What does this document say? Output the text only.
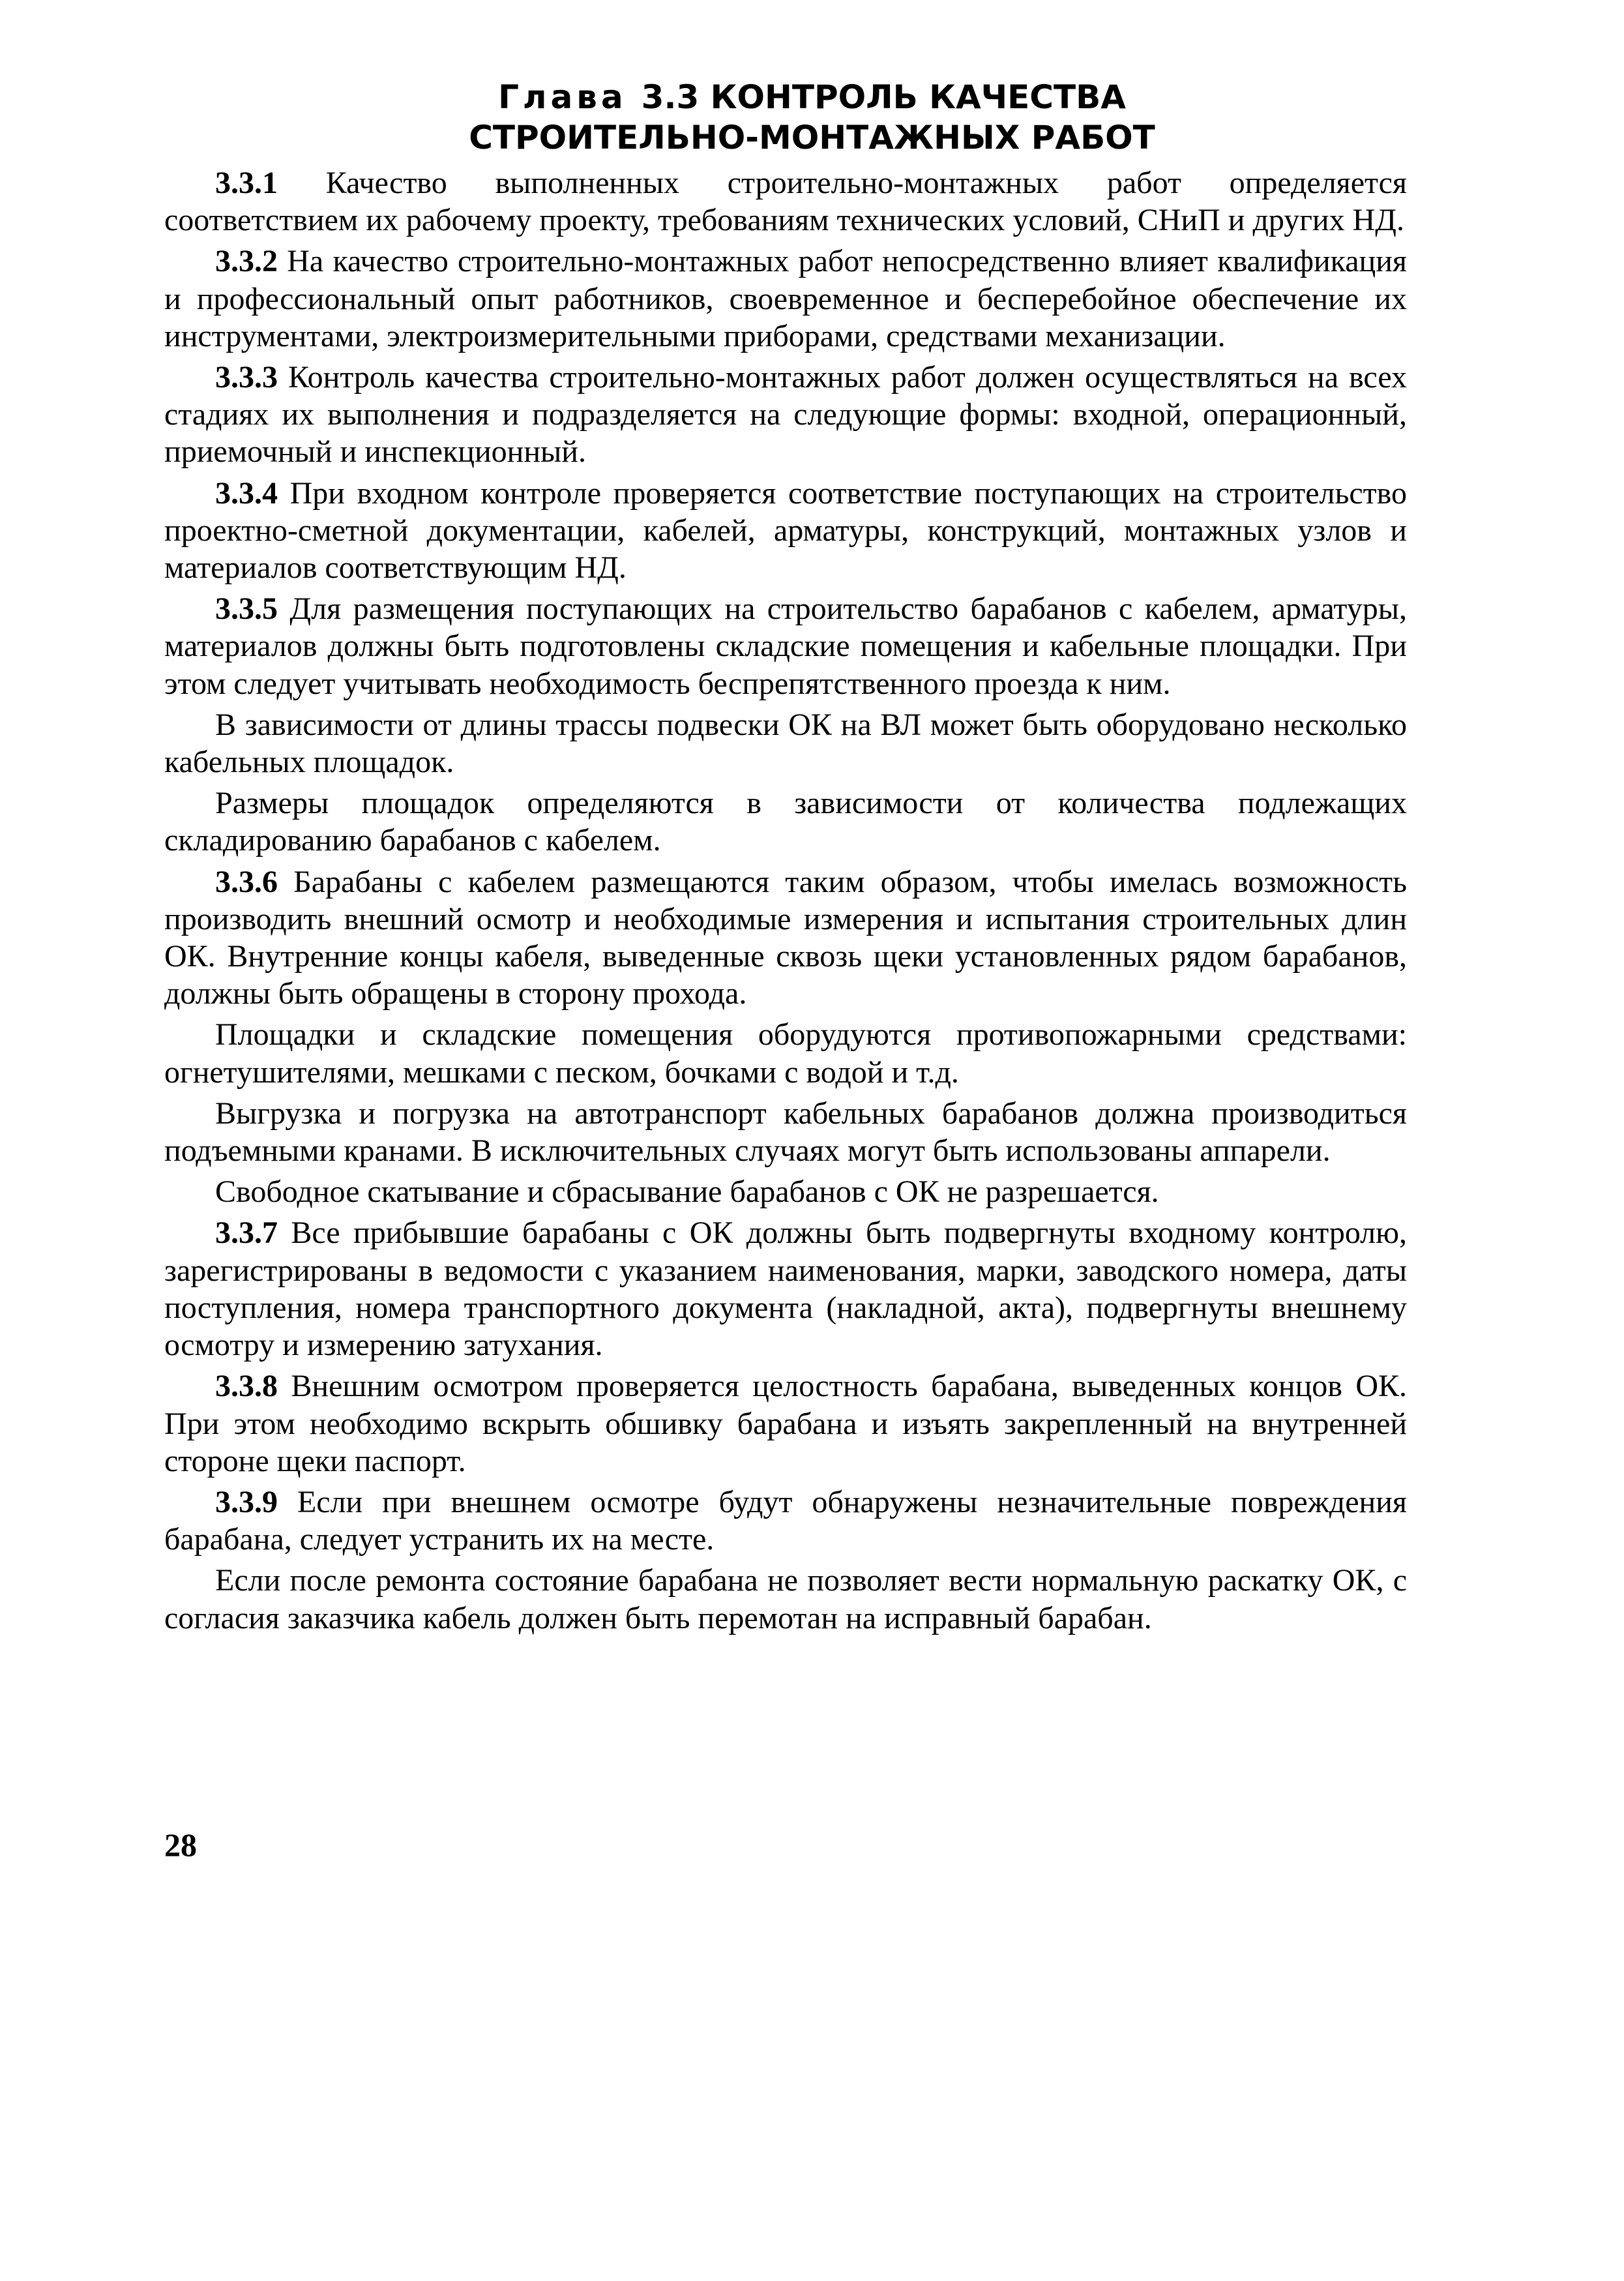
Глава 3.3 КОНТРОЛЬ КАЧЕСТВА
СТРОИТЕЛЬНО-МОНТАЖНЫХ РАБОТ

3.3.1 Качество выполненных строительно-монтажных работ определяется соответствием их рабочему проекту, требованиям технических условий, СНиП и других НД.

3.3.2 На качество строительно-монтажных работ непосредственно влияет квалификация и профессиональный опыт работников, своевременное и бесперебойное обеспечение их инструментами, электроизмерительными приборами, средствами механизации.

3.3.3 Контроль качества строительно-монтажных работ должен осуществляться на всех стадиях их выполнения и подразделяется на следующие формы: входной, операционный, приемочный и инспекционный.

3.3.4 При входном контроле проверяется соответствие поступающих на строительство проектно-сметной документации, кабелей, арматуры, конструкций, монтажных узлов и материалов соответствующим НД.

3.3.5 Для размещения поступающих на строительство барабанов с кабелем, арматуры, материалов должны быть подготовлены складские помещения и кабельные площадки. При этом следует учитывать необходимость беспрепятственного проезда к ним.

В зависимости от длины трассы подвески ОК на ВЛ может быть оборудовано несколько кабельных площадок.

Размеры площадок определяются в зависимости от количества подлежащих складированию барабанов с кабелем.

3.3.6 Барабаны с кабелем размещаются таким образом, чтобы имелась возможность производить внешний осмотр и необходимые измерения и испытания строительных длин ОК. Внутренние концы кабеля, выведенные сквозь щеки установленных рядом барабанов, должны быть обращены в сторону прохода.

Площадки и складские помещения оборудуются противопожарными средствами: огнетушителями, мешками с песком, бочками с водой и т.д.

Выгрузка и погрузка на автотранспорт кабельных барабанов должна производиться подъемными кранами. В исключительных случаях могут быть использованы аппарели.

Свободное скатывание и сбрасывание барабанов с ОК не разрешается.

3.3.7 Все прибывшие барабаны с ОК должны быть подвергнуты входному контролю, зарегистрированы в ведомости с указанием наименования, марки, заводского номера, даты поступления, номера транспортного документа (накладной, акта), подвергнуты внешнему осмотру и измерению затухания.

3.3.8 Внешним осмотром проверяется целостность барабана, выведенных концов ОК. При этом необходимо вскрыть обшивку барабана и изъять закрепленный на внутренней стороне щеки паспорт.

3.3.9 Если при внешнем осмотре будут обнаружены незначительные повреждения барабана, следует устранить их на месте.

Если после ремонта состояние барабана не позволяет вести нормальную раскатку ОК, с согласия заказчика кабель должен быть перемотан на исправный барабан.

28
